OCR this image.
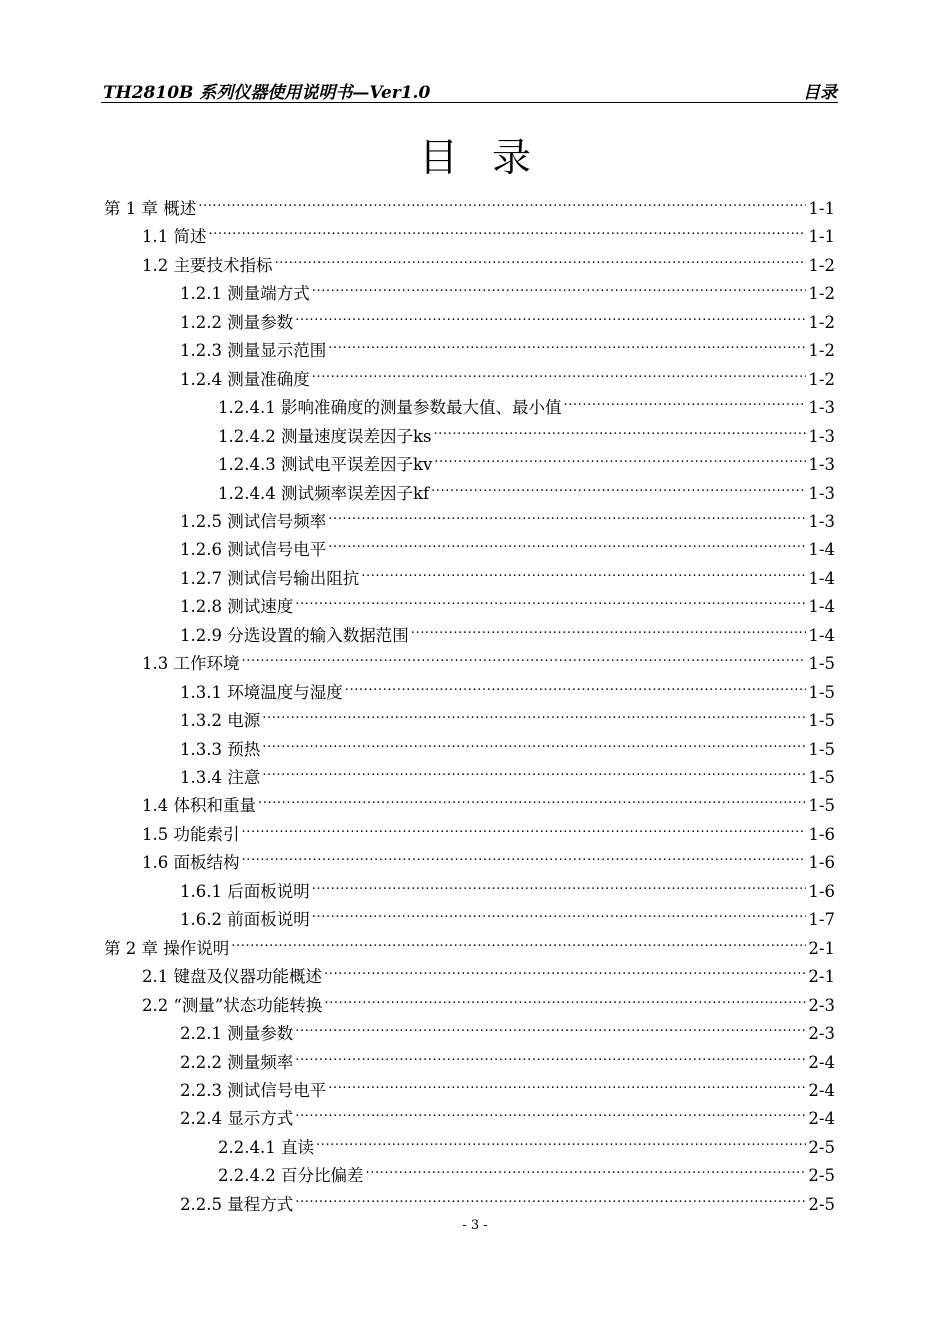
TH2810B 系列仪器使用说明书—Ver1.0	目录
目 录
第 1 章 概述 .....	1-1
1.1 简述 .....	1-1
1.2 主要技术指标 .....	1-2
1.2.1 测量端方式 .....	1-2
1.2.2 测量参数 .....	1-2
1.2.3 测量显示范围 .....	1-2
1.2.4 测量准确度 .....	1-2
1.2.4.1 影响准确度的测量参数最大值、最小值 .....	1-3
1.2.4.2 测量速度误差因子ks .....	1-3
1.2.4.3 测试电平误差因子kv .....	1-3
1.2.4.4 测试频率误差因子kf .....	1-3
1.2.5 测试信号频率 .....	1-3
1.2.6 测试信号电平 .....	1-4
1.2.7 测试信号输出阻抗 .....	1-4
1.2.8 测试速度 .....	1-4
1.2.9 分选设置的输入数据范围 .....	1-4
1.3 工作环境 .....	1-5
1.3.1 环境温度与湿度 .....	1-5
1.3.2 电源 .....	1-5
1.3.3 预热 .....	1-5
1.3.4 注意 .....	1-5
1.4 体积和重量 .....	1-5
1.5 功能索引 .....	1-6
1.6 面板结构 .....	1-6
1.6.1 后面板说明 .....	1-6
1.6.2 前面板说明 .....	1-7
第 2 章 操作说明 .....	2-1
2.1 键盘及仪器功能概述 .....	2-1
2.2 “测量”状态功能转换 .....	2-3
2.2.1 测量参数 .....	2-3
2.2.2 测量频率 .....	2-4
2.2.3 测试信号电平 .....	2-4
2.2.4 显示方式 .....	2-4
2.2.4.1 直读 .....	2-5
2.2.4.2 百分比偏差 .....	2-5
2.2.5 量程方式 .....	2-5
- 3 -
